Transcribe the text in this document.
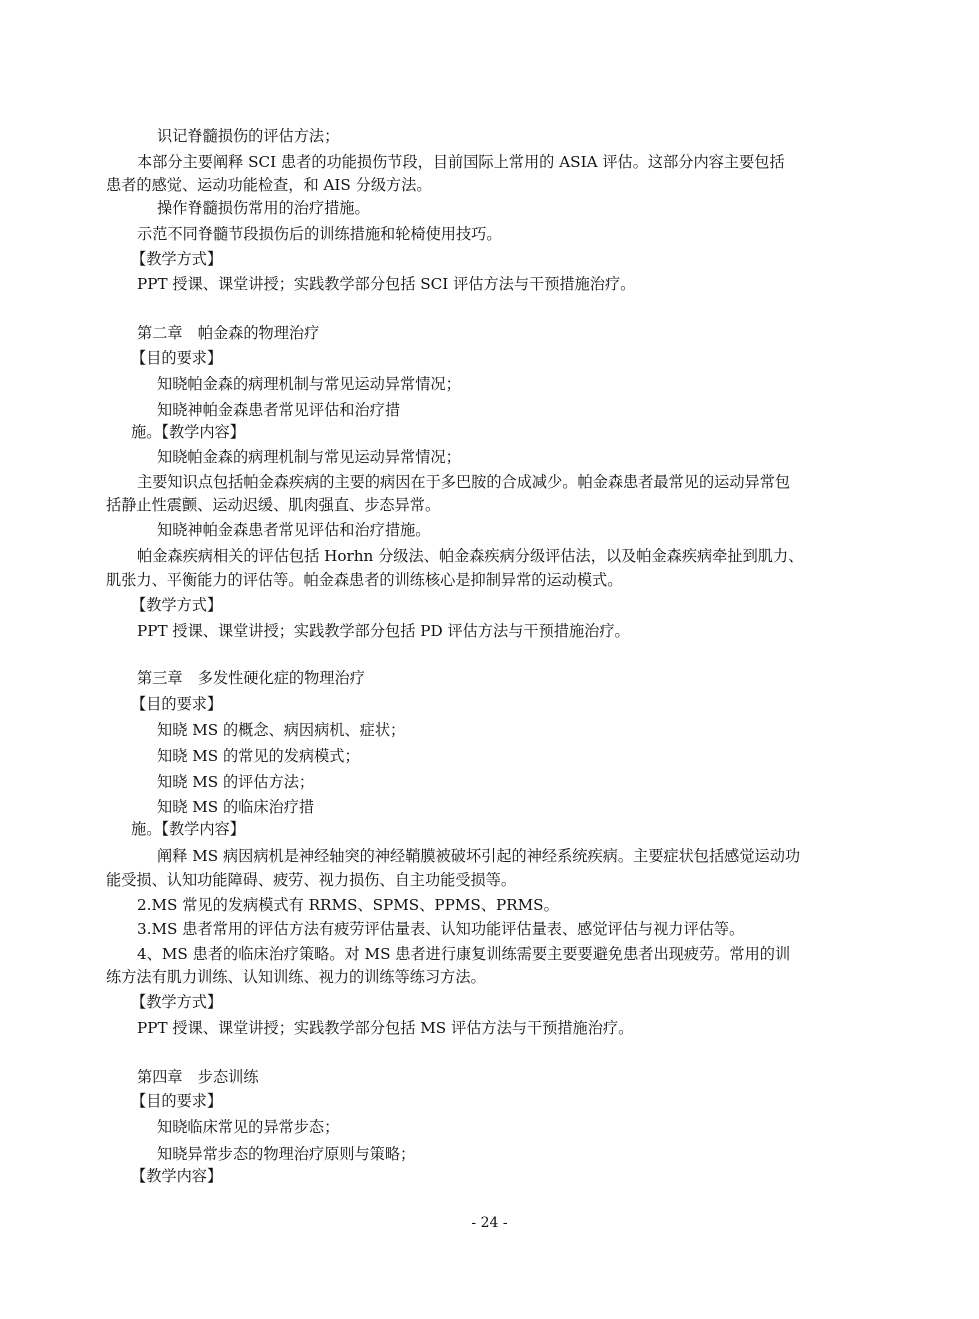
识记脊髓损伤的评估方法；
本部分主要阐释 SCI 患者的功能损伤节段，目前国际上常用的 ASIA 评估。这部分内容主要包括
患者的感觉、运动功能检查，和 AIS 分级方法。
操作脊髓损伤常用的治疗措施。
示范不同脊髓节段损伤后的训练措施和轮椅使用技巧。
【教学方式】
PPT 授课、课堂讲授；实践教学部分包括 SCI 评估方法与干预措施治疗。
第二章　帕金森的物理治疗
【目的要求】
知晓帕金森的病理机制与常见运动异常情况；
知晓神帕金森患者常见评估和治疗措
施。【教学内容】
知晓帕金森的病理机制与常见运动异常情况；
主要知识点包括帕金森疾病的主要的病因在于多巴胺的合成减少。帕金森患者最常见的运动异常包
括静止性震颤、运动迟缓、肌肉强直、步态异常。
知晓神帕金森患者常见评估和治疗措施。
帕金森疾病相关的评估包括 Horhn 分级法、帕金森疾病分级评估法，以及帕金森疾病牵扯到肌力、
肌张力、平衡能力的评估等。帕金森患者的训练核心是抑制异常的运动模式。
【教学方式】
PPT 授课、课堂讲授；实践教学部分包括 PD 评估方法与干预措施治疗。
第三章　多发性硬化症的物理治疗
【目的要求】
知晓 MS 的概念、病因病机、症状；
知晓 MS 的常见的发病模式；
知晓 MS 的评估方法；
知晓 MS 的临床治疗措
施。【教学内容】
阐释 MS 病因病机是神经轴突的神经鞘膜被破坏引起的神经系统疾病。主要症状包括感觉运动功
能受损、认知功能障碍、疲劳、视力损伤、自主功能受损等。
2.MS 常见的发病模式有 RRMS、SPMS、PPMS、PRMS。
3.MS 患者常用的评估方法有疲劳评估量表、认知功能评估量表、感觉评估与视力评估等。
4、MS 患者的临床治疗策略。对 MS 患者进行康复训练需要主要要避免患者出现疲劳。常用的训
练方法有肌力训练、认知训练、视力的训练等练习方法。
【教学方式】
PPT 授课、课堂讲授；实践教学部分包括 MS 评估方法与干预措施治疗。
第四章　步态训练
【目的要求】
知晓临床常见的异常步态；
知晓异常步态的物理治疗原则与策略；
【教学内容】
- 24 -
